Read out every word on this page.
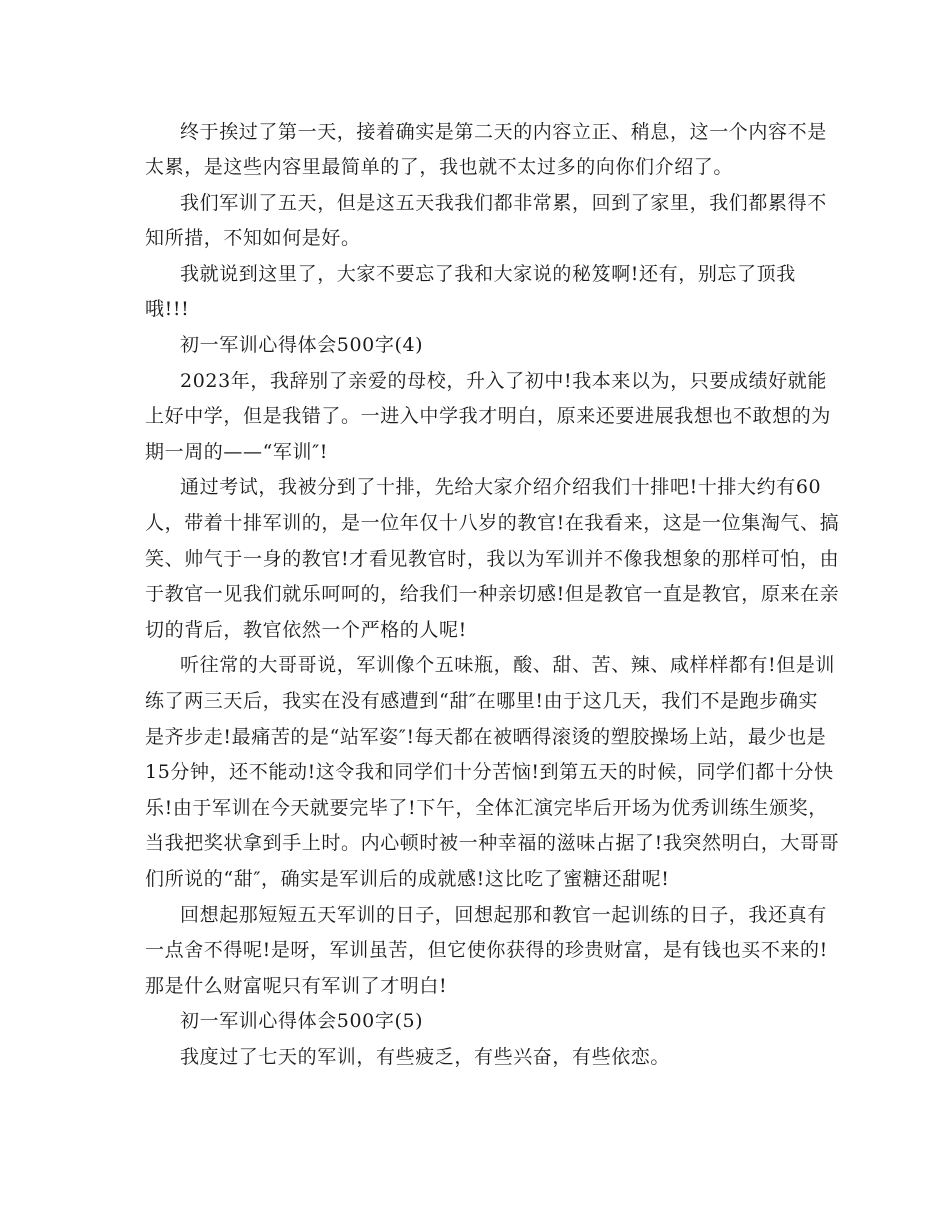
终于挨过了第一天，接着确实是第二天的内容立正、稍息，这一个内容不是
太累，是这些内容里最简单的了，我也就不太过多的向你们介绍了。
我们军训了五天，但是这五天我我们都非常累，回到了家里，我们都累得不
知所措，不知如何是好。
我就说到这里了，大家不要忘了我和大家说的秘笈啊!还有，别忘了顶我
哦!!!
初一军训心得体会500字(4)
2023年，我辞别了亲爱的母校，升入了初中!我本来以为，只要成绩好就能
上好中学，但是我错了。一进入中学我才明白，原来还要进展我想也不敢想的为
期一周的——“军训″!
通过考试，我被分到了十排，先给大家介绍介绍我们十排吧!十排大约有60
人，带着十排军训的，是一位年仅十八岁的教官!在我看来，这是一位集淘气、搞
笑、帅气于一身的教官!才看见教官时，我以为军训并不像我想象的那样可怕，由
于教官一见我们就乐呵呵的，给我们一种亲切感!但是教官一直是教官，原来在亲
切的背后，教官依然一个严格的人呢!
听往常的大哥哥说，军训像个五味瓶，酸、甜、苦、辣、咸样样都有!但是训
练了两三天后，我实在没有感遭到“甜″在哪里!由于这几天，我们不是跑步确实
是齐步走!最痛苦的是“站军姿″!每天都在被晒得滚烫的塑胶操场上站，最少也是
15分钟，还不能动!这令我和同学们十分苦恼!到第五天的时候，同学们都十分快
乐!由于军训在今天就要完毕了!下午，全体汇演完毕后开场为优秀训练生颁奖，
当我把奖状拿到手上时。内心顿时被一种幸福的滋味占据了!我突然明白，大哥哥
们所说的“甜″，确实是军训后的成就感!这比吃了蜜糖还甜呢!
回想起那短短五天军训的日子，回想起那和教官一起训练的日子，我还真有
一点舍不得呢!是呀，军训虽苦，但它使你获得的珍贵财富，是有钱也买不来的!
那是什么财富呢只有军训了才明白!
初一军训心得体会500字(5)
我度过了七天的军训，有些疲乏，有些兴奋，有些依恋。
